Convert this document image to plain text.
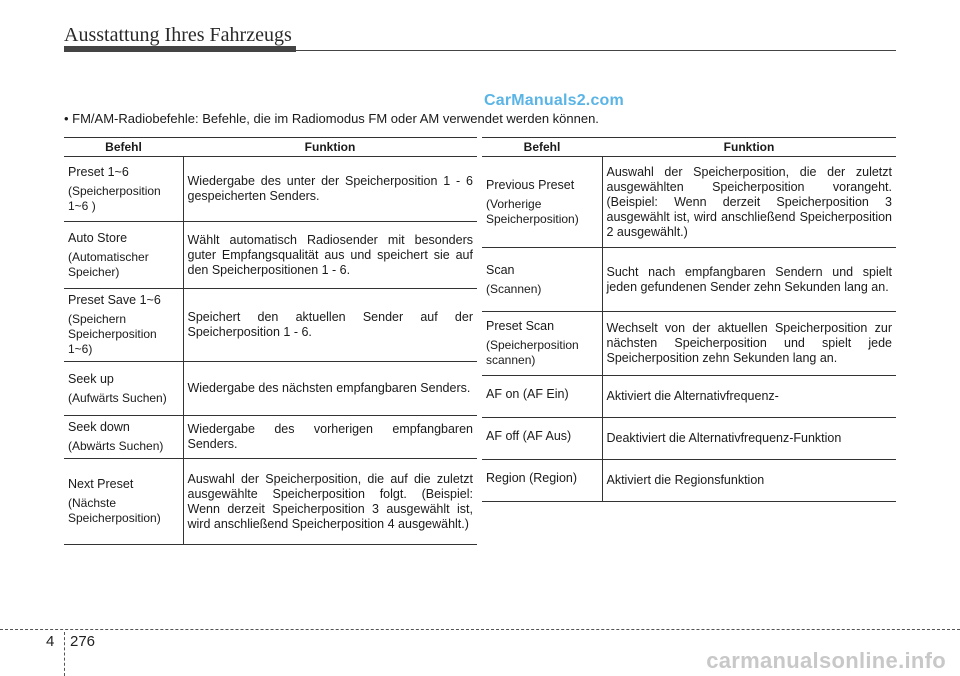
Ausstattung Ihres Fahrzeugs
CarManuals2.com
• FM/AM-Radiobefehle: Befehle, die im Radiomodus FM oder AM verwendet werden können.
Befehl	Funktion

Preset 1~6
(Speicherposition 1~6 )	Wiedergabe des unter der Speicherposition 1 - 6 gespeicherten Senders.

Auto Store
(Automatischer Speicher)	Wählt automatisch Radiosender mit besonders guter Empfangsqualität aus und speichert sie auf den Speicherpositionen 1 - 6.

Preset Save 1~6
(Speichern Speicherposition 1~6)	Speichert den aktuellen Sender auf der Speicherposition 1 - 6.

Seek up
(Aufwärts Suchen)	Wiedergabe des nächsten empfangbaren Senders.

Seek down
(Abwärts Suchen)	Wiedergabe des vorherigen empfangbaren Senders.

Next Preset
(Nächste Speicherposition)	Auswahl der Speicherposition, die auf die zuletzt ausgewählte Speicherposition folgt. (Beispiel: Wenn derzeit Speicherposition 3 ausgewählt ist, wird anschließend Speicherposition 4 ausgewählt.)
Befehl	Funktion

Previous Preset
(Vorherige Speicherposition)	Auswahl der Speicherposition, die der zuletzt ausgewählten Speicherposition vorangeht. (Beispiel: Wenn derzeit Speicherposition 3 ausgewählt ist, wird anschließend Speicherposition 2 ausgewählt.)

Scan
(Scannen)	Sucht nach empfangbaren Sendern und spielt jeden gefundenen Sender zehn Sekunden lang an.

Preset Scan
(Speicherposition scannen)	Wechselt von der aktuellen Speicherposition zur nächsten Speicherposition und spielt jede Speicherposition zehn Sekunden lang an.

AF on (AF Ein)	Aktiviert die Alternativfrequenz-

AF off (AF Aus)	Deaktiviert die Alternativfrequenz-Funktion

Region (Region)	Aktiviert die Regionsfunktion
4 276
carmanualsonline.info
